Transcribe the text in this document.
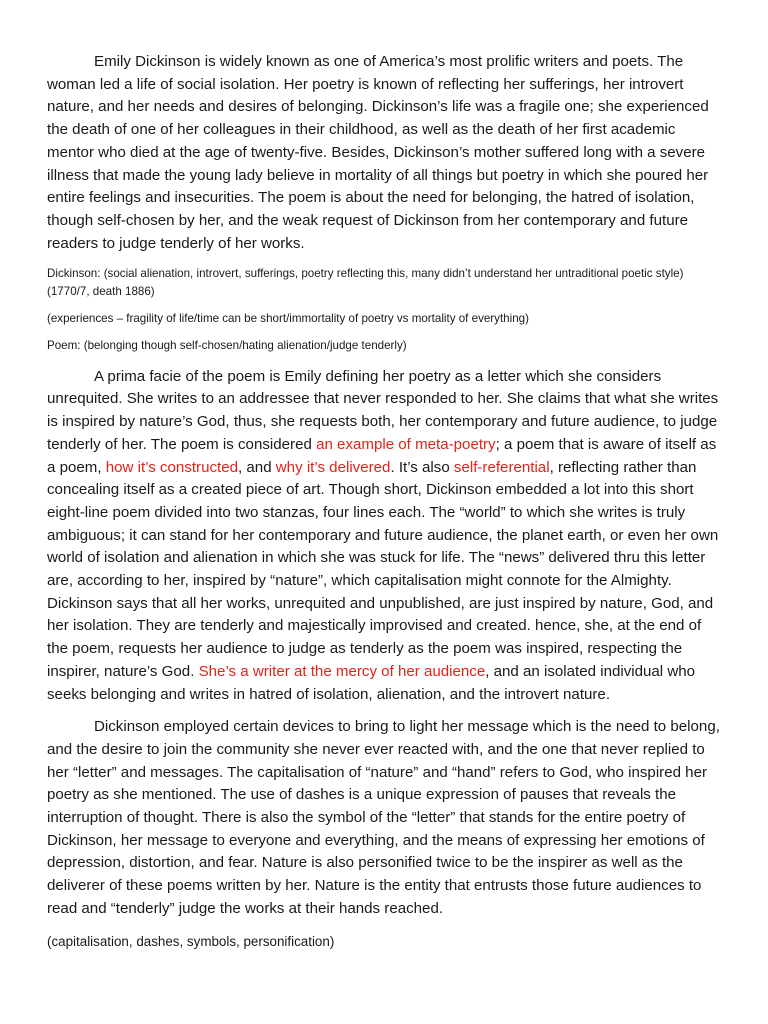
Emily Dickinson is widely known as one of America’s most prolific writers and poets. The woman led a life of social isolation. Her poetry is known of reflecting her sufferings, her introvert nature, and her needs and desires of belonging. Dickinson’s life was a fragile one; she experienced the death of one of her colleagues in their childhood, as well as the death of her first academic mentor who died at the age of twenty-five. Besides, Dickinson’s mother suffered long with a severe illness that made the young lady believe in mortality of all things but poetry in which she poured her entire feelings and insecurities. The poem is about the need for belonging, the hatred of isolation, though self-chosen by her, and the weak request of Dickinson from her contemporary and future readers to judge tenderly of her works.

Dickinson: (social alienation, introvert, sufferings, poetry reflecting this, many didn’t understand her untraditional poetic style) (1770/7, death 1886)

(experiences – fragility of life/time can be short/immortality of poetry vs mortality of everything)

Poem: (belonging though self-chosen/hating alienation/judge tenderly)

A prima facie of the poem is Emily defining her poetry as a letter which she considers unrequited. She writes to an addressee that never responded to her. She claims that what she writes is inspired by nature’s God, thus, she requests both, her contemporary and future audience, to judge tenderly of her. The poem is considered an example of meta-poetry; a poem that is aware of itself as a poem, how it’s constructed, and why it’s delivered. It’s also self-referential, reflecting rather than concealing itself as a created piece of art. Though short, Dickinson embedded a lot into this short eight-line poem divided into two stanzas, four lines each. The “world” to which she writes is truly ambiguous; it can stand for her contemporary and future audience, the planet earth, or even her own world of isolation and alienation in which she was stuck for life. The “news” delivered thru this letter are, according to her, inspired by “nature”, which capitalisation might connote for the Almighty. Dickinson says that all her works, unrequited and unpublished, are just inspired by nature, God, and her isolation. They are tenderly and majestically improvised and created. hence, she, at the end of the poem, requests her audience to judge as tenderly as the poem was inspired, respecting the inspirer, nature’s God. She’s a writer at the mercy of her audience, and an isolated individual who seeks belonging and writes in hatred of isolation, alienation, and the introvert nature.

Dickinson employed certain devices to bring to light her message which is the need to belong, and the desire to join the community she never ever reacted with, and the one that never replied to her “letter” and messages. The capitalisation of “nature” and “hand” refers to God, who inspired her poetry as she mentioned. The use of dashes is a unique expression of pauses that reveals the interruption of thought. There is also the symbol of the “letter” that stands for the entire poetry of Dickinson, her message to everyone and everything, and the means of expressing her emotions of depression, distortion, and fear. Nature is also personified twice to be the inspirer as well as the deliverer of these poems written by her. Nature is the entity that entrusts those future audiences to read and “tenderly” judge the works at their hands reached.

(capitalisation, dashes, symbols, personification)
